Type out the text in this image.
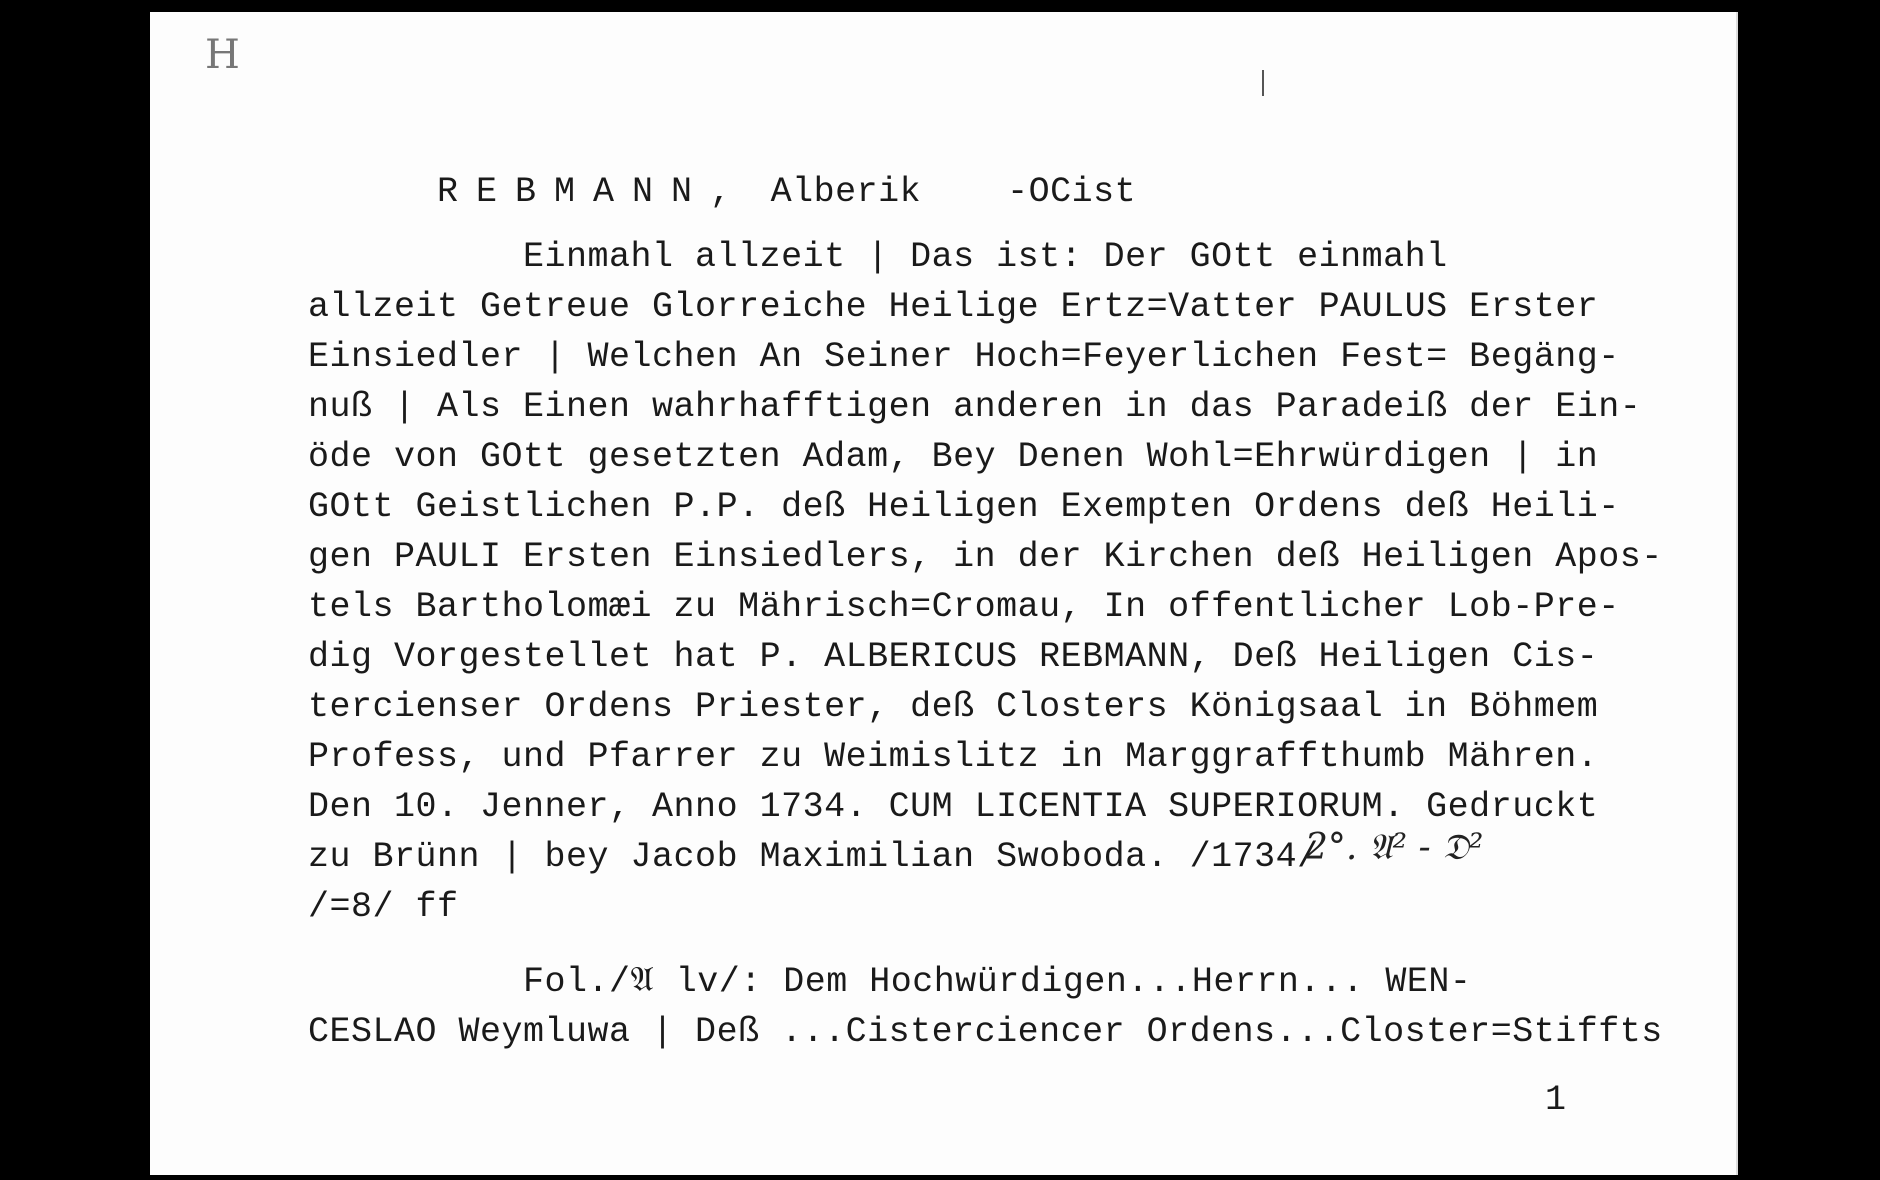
H

REBMANN, Alberik -OCist

Einmahl allzeit | Das ist: Der GOtt einmahl
allzeit Getreue Glorreiche Heilige Ertz=Vatter PAULUS Erster
Einsiedler | Welchen An Seiner Hoch=Feyerlichen Fest= Begäng-
nuß | Als Einen wahrhafftigen anderen in das Paradeiß der Ein-
öde von GOtt gesetzten Adam, Bey Denen Wohl=Ehrwürdigen | in
GOtt Geistlichen P.P. deß Heiligen Exempten Ordens deß Heili-
gen PAULI Ersten Einsiedlers, in der Kirchen deß Heiligen Apos-
tels Bartholomæi zu Mährisch=Cromau, In offentlicher Lob-Pre-
dig Vorgestellet hat P. ALBERICUS REBMANN, Deß Heiligen Cis-
tercienser Ordens Priester, deß Closters Königsaal in Böhmem
Profess, und Pfarrer zu Weimislitz in Marggraffthumb Mähren.
Den 10. Jenner, Anno 1734. CUM LICENTIA SUPERIORUM. Gedruckt
zu Brünn | bey Jacob Maximilian Swoboda. /1734/
2°. 𝔄² - 𝔇²
/=8/ ff
Fol./𝔄 lv/: Dem Hochwürdigen...Herrn... WEN-
CESLAO Weymluwa | Deß ...Cisterciencer Ordens...Closter=Stiffts
1
